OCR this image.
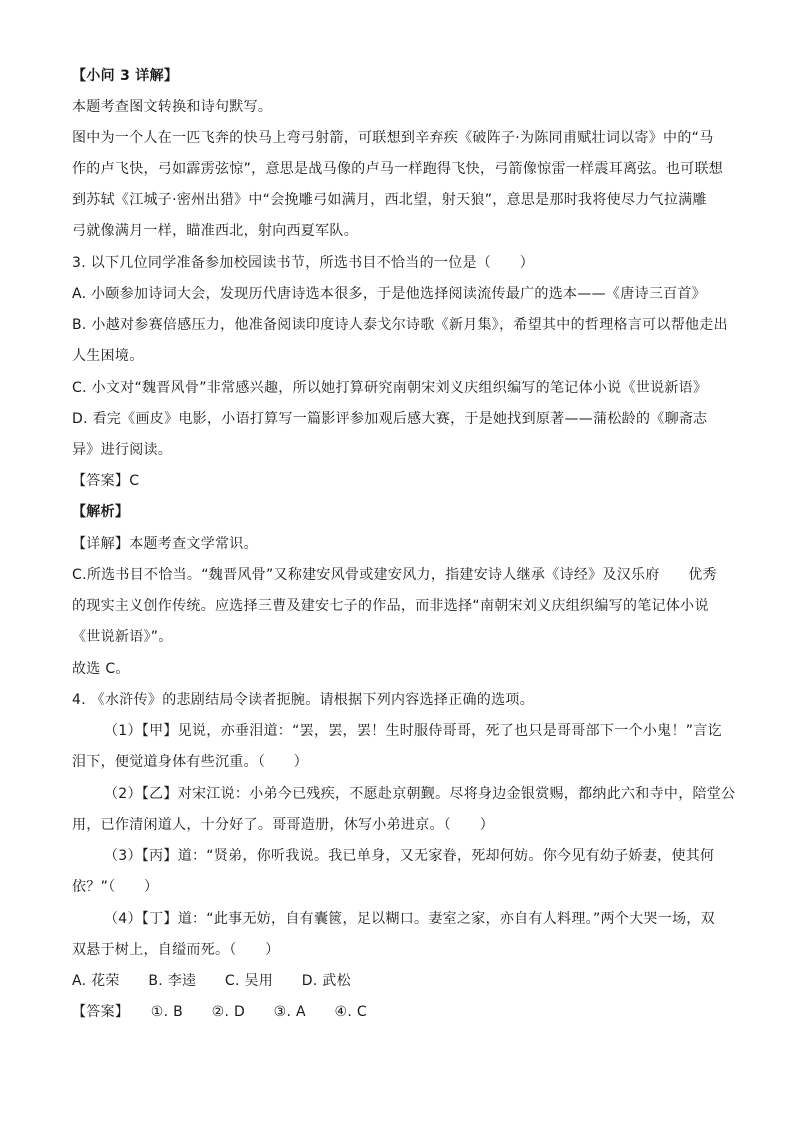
【小问 3 详解】
本题考查图文转换和诗句默写。
图中为一个人在一匹飞奔的快马上弯弓射箭，可联想到辛弃疾《破阵子·为陈同甫赋壮词以寄》中的“马
作的卢飞快，弓如霹雳弦惊”，意思是战马像的卢马一样跑得飞快，弓箭像惊雷一样震耳离弦。也可联想
到苏轼《江城子·密州出猎》中“会挽雕弓如满月，西北望，射天狼”，意思是那时我将使尽力气拉满雕
弓就像满月一样，瞄准西北，射向西夏军队。
3. 以下几位同学准备参加校园读书节，所选书目不恰当的一位是（　　）
A. 小颐参加诗词大会，发现历代唐诗选本很多，于是他选择阅读流传最广的选本——《唐诗三百首》
B. 小越对参赛倍感压力，他准备阅读印度诗人泰戈尔诗歌《新月集》，希望其中的哲理格言可以帮他走出
人生困境。
C. 小文对“魏晋风骨”非常感兴趣，所以她打算研究南朝宋刘义庆组织编写的笔记体小说《世说新语》
D. 看完《画皮》电影，小语打算写一篇影评参加观后感大赛，于是她找到原著——蒲松龄的《聊斋志
异》进行阅读。
【答案】C
【解析】
【详解】本题考查文学常识。
C.所选书目不恰当。“魏晋风骨”又称建安风骨或建安风力，指建安诗人继承《诗经》及汉乐府　　优秀
的现实主义创作传统。应选择三曹及建安七子的作品，而非选择“南朝宋刘义庆组织编写的笔记体小说
《世说新语》”。
故选 C。
4. 《水浒传》的悲剧结局令读者扼腕。请根据下列内容选择正确的选项。
（1）【甲】见说，亦垂泪道：“罢，罢，罢！生时服侍哥哥，死了也只是哥哥部下一个小鬼！”言讫
泪下，便觉道身体有些沉重。（　　）
（2）【乙】对宋江说：小弟今已残疾，不愿赴京朝觐。尽将身边金银赏赐，都纳此六和寺中，陪堂公
用，已作清闲道人，十分好了。哥哥造册，休写小弟进京。（　　）
（3）【丙】道：“贤弟，你听我说。我已单身，又无家眷，死却何妨。你今见有幼子娇妻，使其何
依？”（　　）
（4）【丁】道：“此事无妨，自有囊篋，足以糊口。妻室之家，亦自有人料理。”两个大哭一场，双
双悬于树上，自缢而死。（　　）
A. 花荣　　B. 李逵　　C. 吴用　　D. 武松
【答案】　　①. B　　②. D　　③. A　　④. C
